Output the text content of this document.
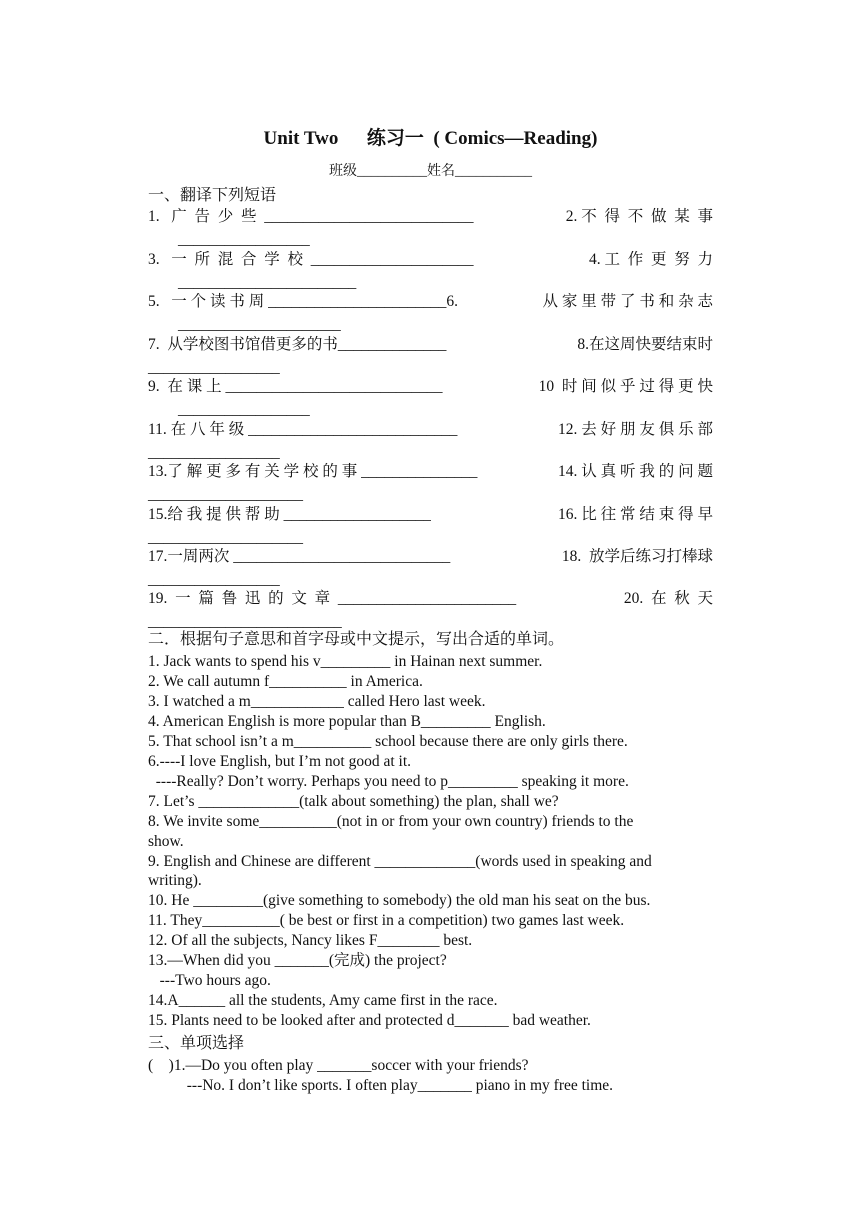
Unit Two      练习一  ( Comics—Reading)
班级__________姓名___________
一、翻译下列短语
1.   广  告  少  些  ___________________________	2. 不  得  不  做  某  事
_________________
3.   一  所  混  合  学  校  _____________________	4. 工  作  更  努  力
_______________________
5.   一 个 读 书 周 _______________________6.	从 家 里 带 了 书 和 杂 志
_____________________
7.  从学校图书馆借更多的书______________	8.在这周快要结束时
_________________
9.  在 课 上 ____________________________	10  时 间 似 乎 过 得 更 快
_________________
11. 在 八 年 级 ___________________________	12. 去 好 朋 友 俱 乐 部
_________________
13.了 解 更 多 有 关 学 校 的 事 _______________	14. 认 真 听 我 的 问 题
____________________
15.给 我 提 供 帮 助 ___________________	16. 比 往 常 结 束 得 早
____________________
17.一周两次 ____________________________	18.  放学后练习打棒球
_________________
19.  一  篇  鲁  迅  的  文  章  _______________________	20.  在  秋  天
_________________________
二．根据句子意思和首字母或中文提示，写出合适的单词。
1. Jack wants to spend his v_________ in Hainan next summer.
2. We call autumn f__________ in America.
3. I watched a m____________ called Hero last week.
4. American English is more popular than B_________ English.
5. That school isn’t a m__________ school because there are only girls there.
6.----I love English, but I’m not good at it.
----Really? Don’t worry. Perhaps you need to p_________ speaking it more.
7. Let’s _____________(talk about something) the plan, shall we?
8. We invite some__________(not in or from your own country) friends to the
show.
9. English and Chinese are different _____________(words used in speaking and
writing).
10. He _________(give something to somebody) the old man his seat on the bus.
11. They__________( be best or first in a competition) two games last week.
12. Of all the subjects, Nancy likes F________ best.
13.—When did you _______(完成) the project?
---Two hours ago.
14.A______ all the students, Amy came first in the race.
15. Plants need to be looked after and protected d_______ bad weather.
三、单项选择
(    )1.—Do you often play _______soccer with your friends?
---No. I don’t like sports. I often play_______ piano in my free time.
